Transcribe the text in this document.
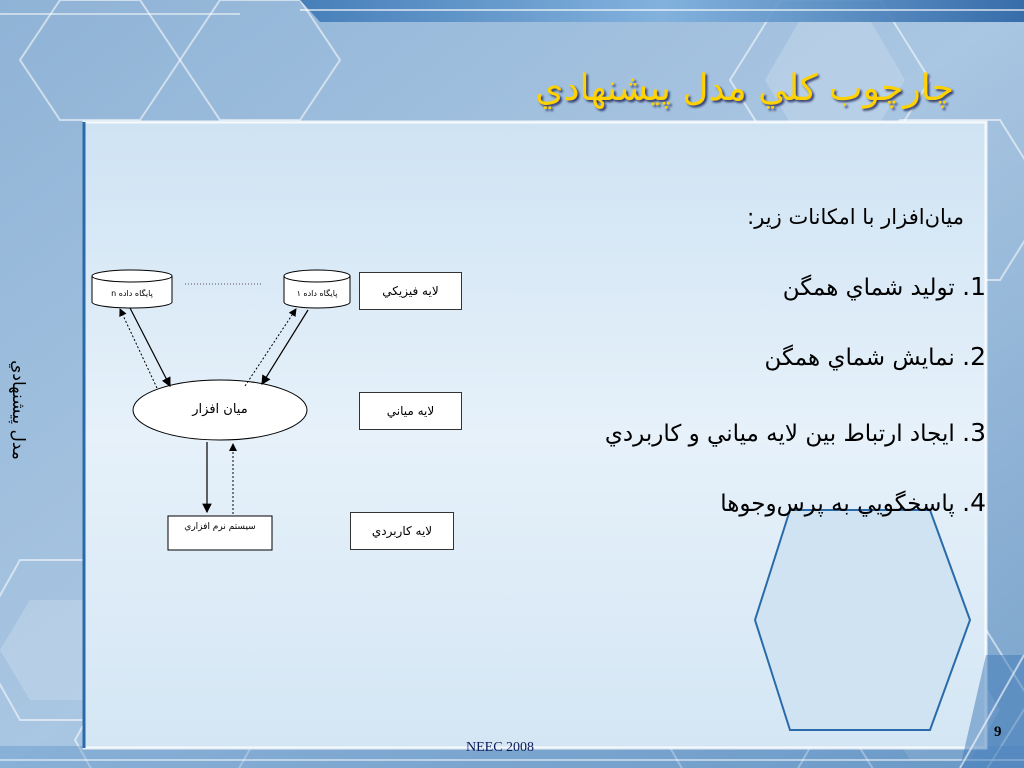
چارچوب كلي مدل پيشنهادي
مدل پيشنهادي
ميان‌افزار با امكانات زير:
1. توليد شماي همگن
2. نمايش شماي همگن
3. ايجاد ارتباط بين لايه مياني و كاربردي
4. پاسخگويي به پرس‌وجوها
پايگاه داده n	پايگاه داده ۱
ميان افزار
سيستم نرم افزاري
لايه فيزيكي
لايه مياني
لايه كاربردي
NEEC 2008
9
